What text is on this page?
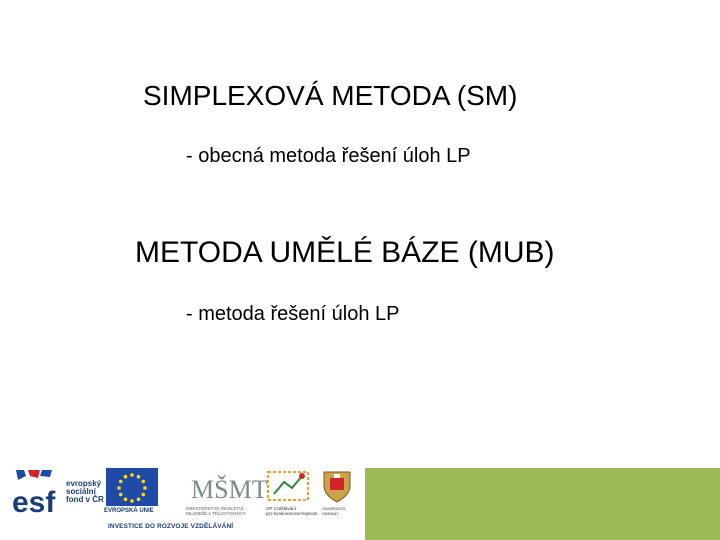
SIMPLEXOVÁ METODA (SM)
- obecná metoda řešení úloh LP
METODA UMĚLÉ BÁZE (MUB)
- metoda řešení úloh LP
esf
evropský
sociální
fond v ČR
EVROPSKÁ UNIE
MŠMT
MINISTERSTVO ŠKOLSTVÍ,
MLÁDEŽE A TĚLOVÝCHOVY
OP Vzdělávání
pro konkurenceschopnost
UNIVERZITA
OBRANY
INVESTICE DO ROZVOJE VZDĚLÁVÁNÍ
